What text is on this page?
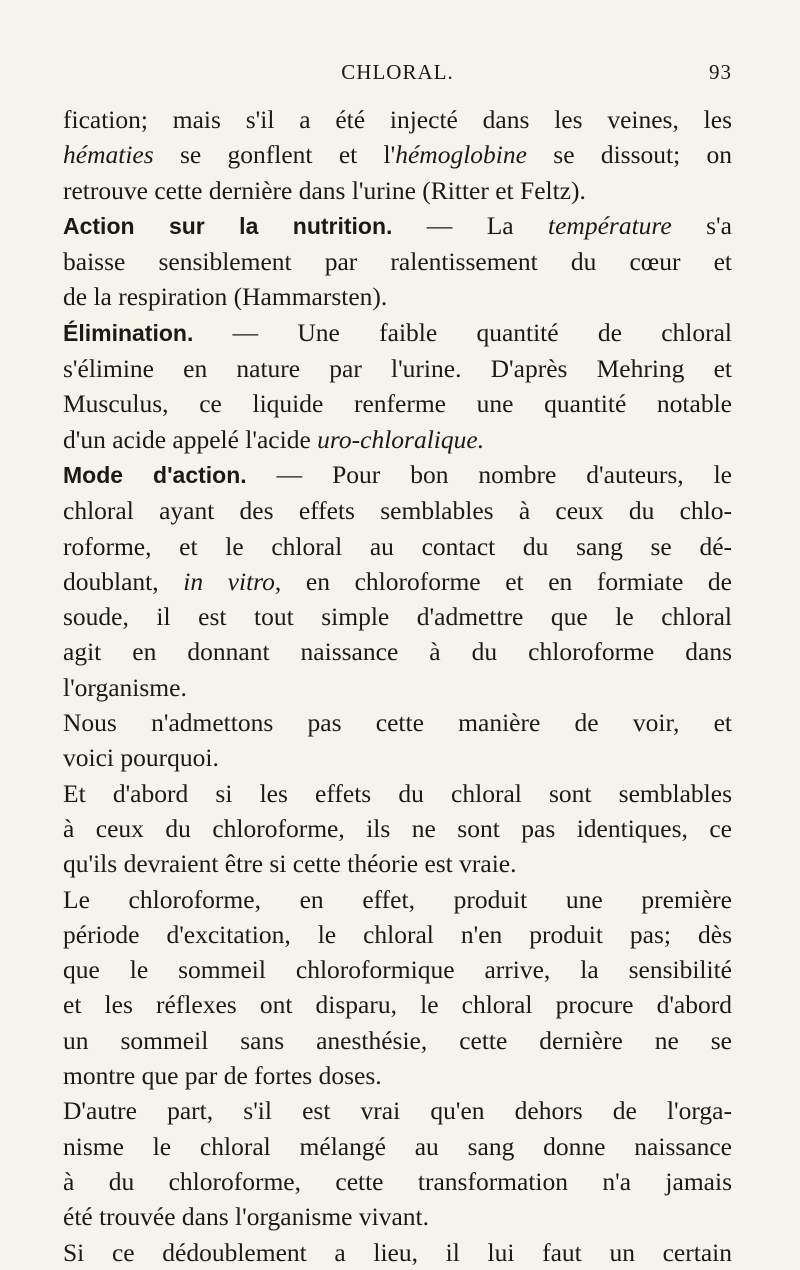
CHLORAL.	93
fication; mais s'il a été injecté dans les veines, les
hématies se gonflent et l'hémoglobine se dissout; on
retrouve cette dernière dans l'urine (Ritter et Feltz).
Action sur la nutrition. — La température s'a
baisse sensiblement par ralentissement du cœur et
de la respiration (Hammarsten).
Élimination. — Une faible quantité de chloral
s'élimine en nature par l'urine. D'après Mehring et
Musculus, ce liquide renferme une quantité notable
d'un acide appelé l'acide uro-chloralique.
Mode d'action. — Pour bon nombre d'auteurs, le
chloral ayant des effets semblables à ceux du chlo-
roforme, et le chloral au contact du sang se dé-
doublant, in vitro, en chloroforme et en formiate de
soude, il est tout simple d'admettre que le chloral
agit en donnant naissance à du chloroforme dans
l'organisme.
Nous n'admettons pas cette manière de voir, et
voici pourquoi.
Et d'abord si les effets du chloral sont semblables
à ceux du chloroforme, ils ne sont pas identiques, ce
qu'ils devraient être si cette théorie est vraie.
Le chloroforme, en effet, produit une première
période d'excitation, le chloral n'en produit pas; dès
que le sommeil chloroformique arrive, la sensibilité
et les réflexes ont disparu, le chloral procure d'abord
un sommeil sans anesthésie, cette dernière ne se
montre que par de fortes doses.
D'autre part, s'il est vrai qu'en dehors de l'orga-
nisme le chloral mélangé au sang donne naissance
à du chloroforme, cette transformation n'a jamais
été trouvée dans l'organisme vivant.
Si ce dédoublement a lieu, il lui faut un certain
